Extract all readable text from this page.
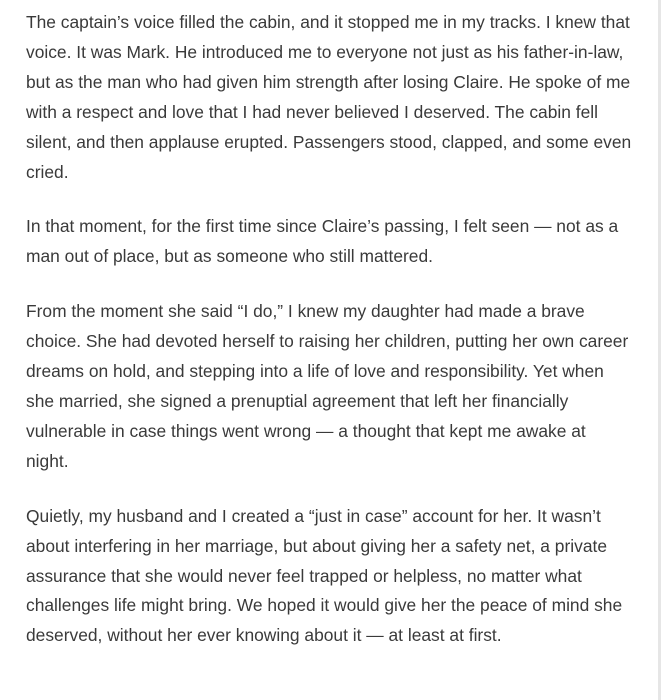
The captain’s voice filled the cabin, and it stopped me in my tracks. I knew that voice. It was Mark. He introduced me to everyone not just as his father-in-law, but as the man who had given him strength after losing Claire. He spoke of me with a respect and love that I had never believed I deserved. The cabin fell silent, and then applause erupted. Passengers stood, clapped, and some even cried.

In that moment, for the first time since Claire’s passing, I felt seen — not as a man out of place, but as someone who still mattered.

From the moment she said “I do,” I knew my daughter had made a brave choice. She had devoted herself to raising her children, putting her own career dreams on hold, and stepping into a life of love and responsibility. Yet when she married, she signed a prenuptial agreement that left her financially vulnerable in case things went wrong — a thought that kept me awake at night.

Quietly, my husband and I created a “just in case” account for her. It wasn’t about interfering in her marriage, but about giving her a safety net, a private assurance that she would never feel trapped or helpless, no matter what challenges life might bring. We hoped it would give her the peace of mind she deserved, without her ever knowing about it — at least at first.
